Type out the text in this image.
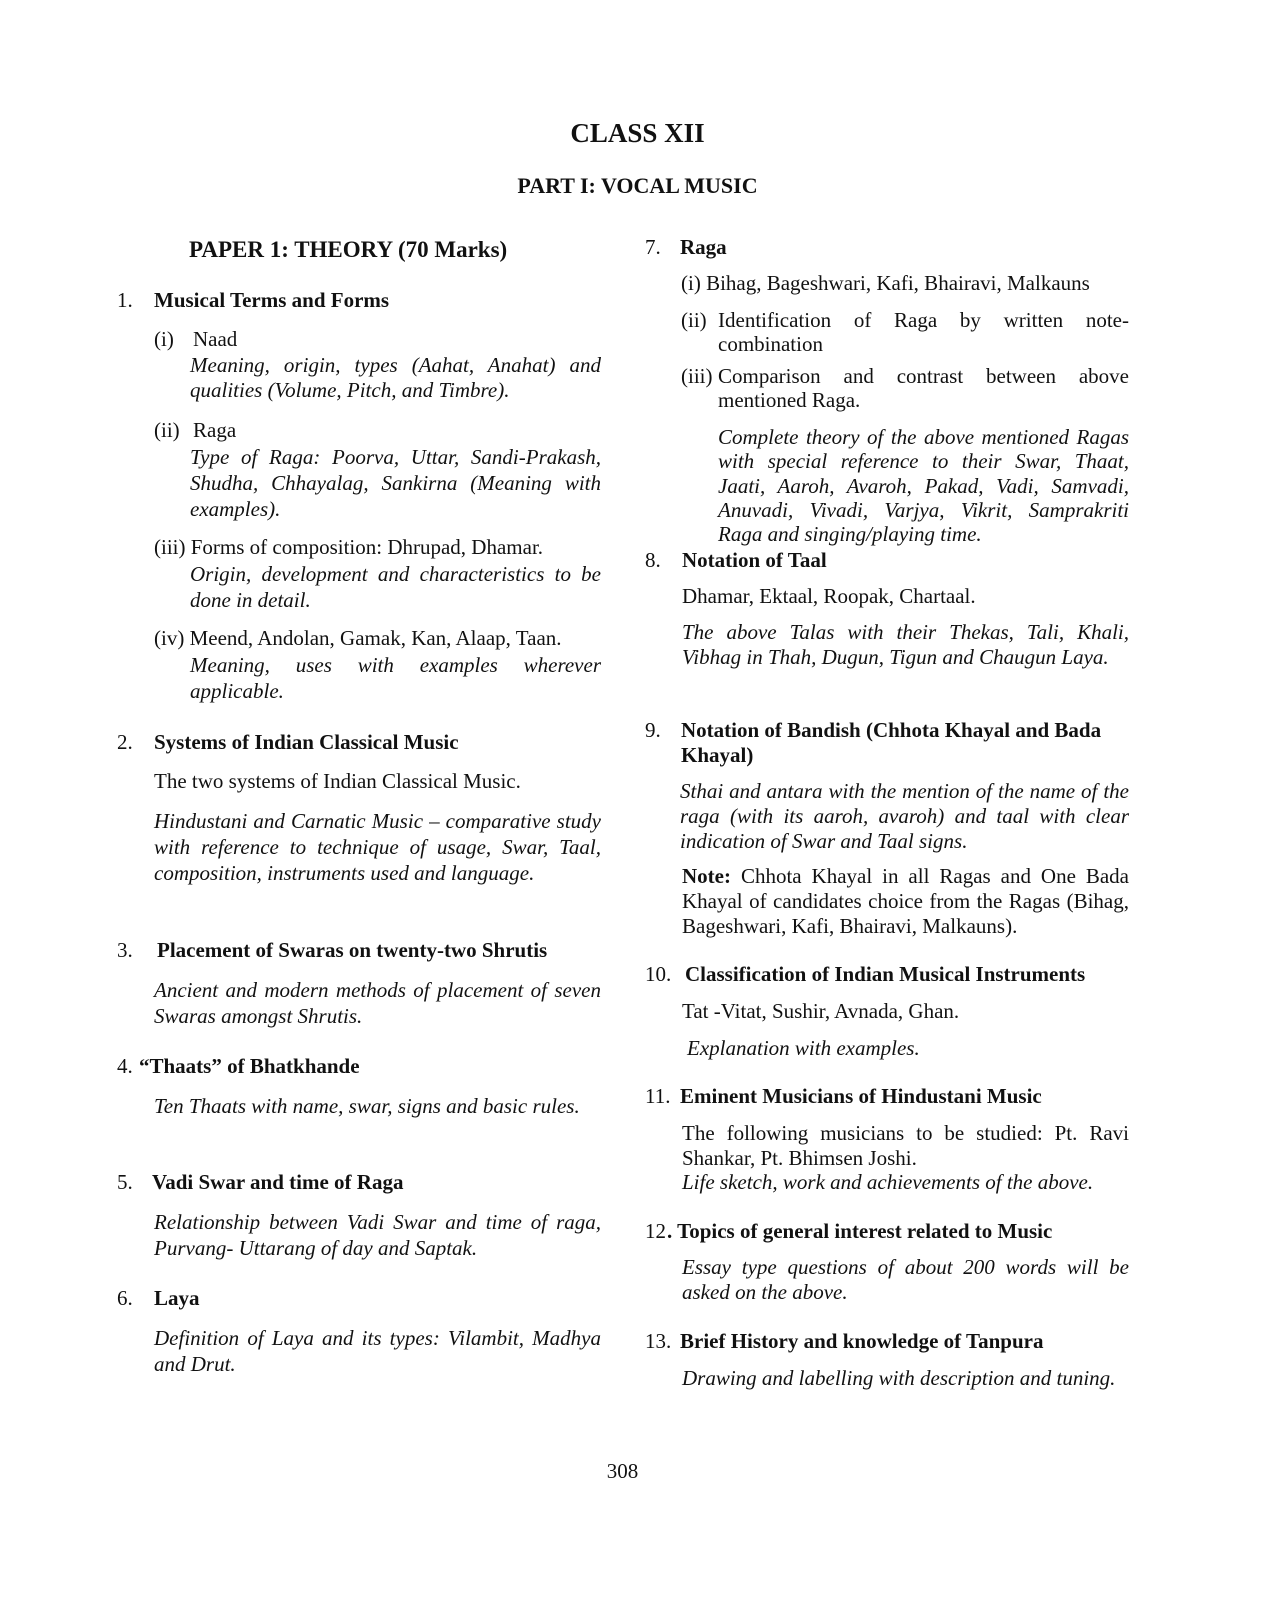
CLASS XII
PART I: VOCAL MUSIC
PAPER 1: THEORY (70 Marks)
1. Musical Terms and Forms
(i) Naad
Meaning, origin, types (Aahat, Anahat) and qualities (Volume, Pitch, and Timbre).
(ii) Raga
Type of Raga: Poorva, Uttar, Sandi-Prakash, Shudha, Chhayalag, Sankirna (Meaning with examples).
(iii) Forms of composition: Dhrupad, Dhamar.
Origin, development and characteristics to be done in detail.
(iv) Meend, Andolan, Gamak, Kan, Alaap, Taan.
Meaning, uses with examples wherever applicable.
2. Systems of Indian Classical Music
The two systems of Indian Classical Music.
Hindustani and Carnatic Music – comparative study with reference to technique of usage, Swar, Taal, composition, instruments used and language.
3. Placement of Swaras on twenty-two Shrutis
Ancient and modern methods of placement of seven Swaras amongst Shrutis.
4. “Thaats” of Bhatkhande
Ten Thaats with name, swar, signs and basic rules.
5. Vadi Swar and time of Raga
Relationship between Vadi Swar and time of raga, Purvang- Uttarang of day and Saptak.
6. Laya
Definition of Laya and its types: Vilambit, Madhya and Drut.
7. Raga
(i) Bihag, Bageshwari, Kafi, Bhairavi, Malkauns
(ii) Identification of Raga by written note-combination
(iii) Comparison and contrast between above mentioned Raga.
Complete theory of the above mentioned Ragas with special reference to their Swar, Thaat, Jaati, Aaroh, Avaroh, Pakad, Vadi, Samvadi, Anuvadi, Vivadi, Varjya, Vikrit, Samprakriti Raga and singing/playing time.
8. Notation of Taal
Dhamar, Ektaal, Roopak, Chartaal.
The above Talas with their Thekas, Tali, Khali, Vibhag in Thah, Dugun, Tigun and Chaugun Laya.
9. Notation of Bandish (Chhota Khayal and Bada Khayal)
Sthai and antara with the mention of the name of the raga (with its aaroh, avaroh) and taal with clear indication of Swar and Taal signs.
Note: Chhota Khayal in all Ragas and One Bada Khayal of candidates choice from the Ragas (Bihag, Bageshwari, Kafi, Bhairavi, Malkauns).
10. Classification of Indian Musical Instruments
Tat -Vitat, Sushir, Avnada, Ghan.
Explanation with examples.
11. Eminent Musicians of Hindustani Music
The following musicians to be studied: Pt. Ravi Shankar, Pt. Bhimsen Joshi.
Life sketch, work and achievements of the above.
12 . Topics of general interest related to Music
Essay type questions of about 200 words will be asked on the above.
13. Brief History and knowledge of Tanpura
Drawing and labelling with description and tuning.
308
